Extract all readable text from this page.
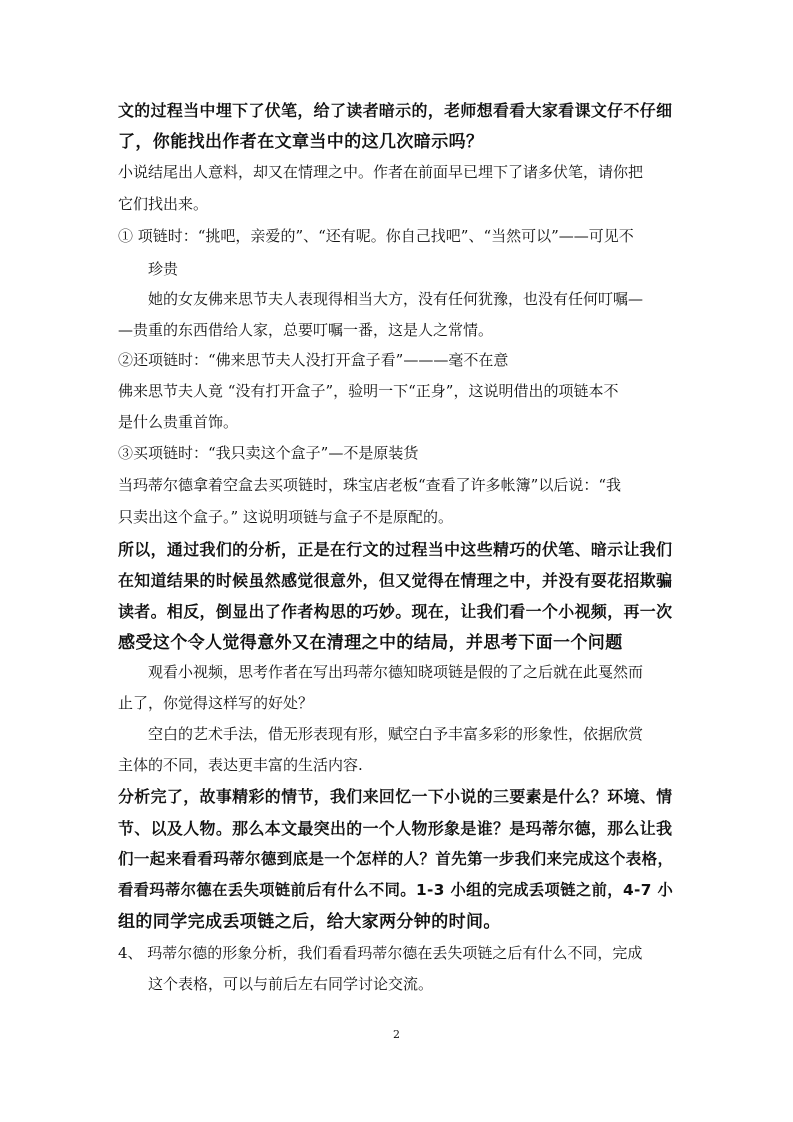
文的过程当中埋下了伏笔，给了读者暗示的，老师想看看大家看课文仔不仔细
了，你能找出作者在文章当中的这几次暗示吗？
小说结尾出人意料，却又在情理之中。作者在前面早已埋下了诸多伏笔，请你把
它们找出来。
① 项链时：“挑吧，亲爱的”、“还有呢。你自己找吧”、“当然可以”——可见不
珍贵
她的女友佛来思节夫人表现得相当大方，没有任何犹豫，也没有任何叮嘱—
—贵重的东西借给人家，总要叮嘱一番，这是人之常情。
②还项链时：“佛来思节夫人没打开盒子看”———毫不在意
佛来思节夫人竟 “没有打开盒子”，验明一下“正身”，这说明借出的项链本不
是什么贵重首饰。
③买项链时：“我只卖这个盒子”—不是原装货
当玛蒂尔德拿着空盒去买项链时，珠宝店老板“查看了许多帐簿”以后说：“我
只卖出这个盒子。” 这说明项链与盒子不是原配的。
所以，通过我们的分析，正是在行文的过程当中这些精巧的伏笔、暗示让我们
在知道结果的时候虽然感觉很意外，但又觉得在情理之中，并没有耍花招欺骗
读者。相反，倒显出了作者构思的巧妙。现在，让我们看一个小视频，再一次
感受这个令人觉得意外又在清理之中的结局，并思考下面一个问题
观看小视频，思考作者在写出玛蒂尔德知晓项链是假的了之后就在此戛然而
止了，你觉得这样写的好处？
空白的艺术手法，借无形表现有形，赋空白予丰富多彩的形象性，依据欣赏
主体的不同，表达更丰富的生活内容.
分析完了，故事精彩的情节，我们来回忆一下小说的三要素是什么？环境、情
节、以及人物。那么本文最突出的一个人物形象是谁？是玛蒂尔德，那么让我
们一起来看看玛蒂尔德到底是一个怎样的人？首先第一步我们来完成这个表格，
看看玛蒂尔德在丢失项链前后有什么不同。1-3 小组的完成丢项链之前，4-7 小
组的同学完成丢项链之后，给大家两分钟的时间。
4、 玛蒂尔德的形象分析，我们看看玛蒂尔德在丢失项链之后有什么不同，完成
这个表格，可以与前后左右同学讨论交流。
2
